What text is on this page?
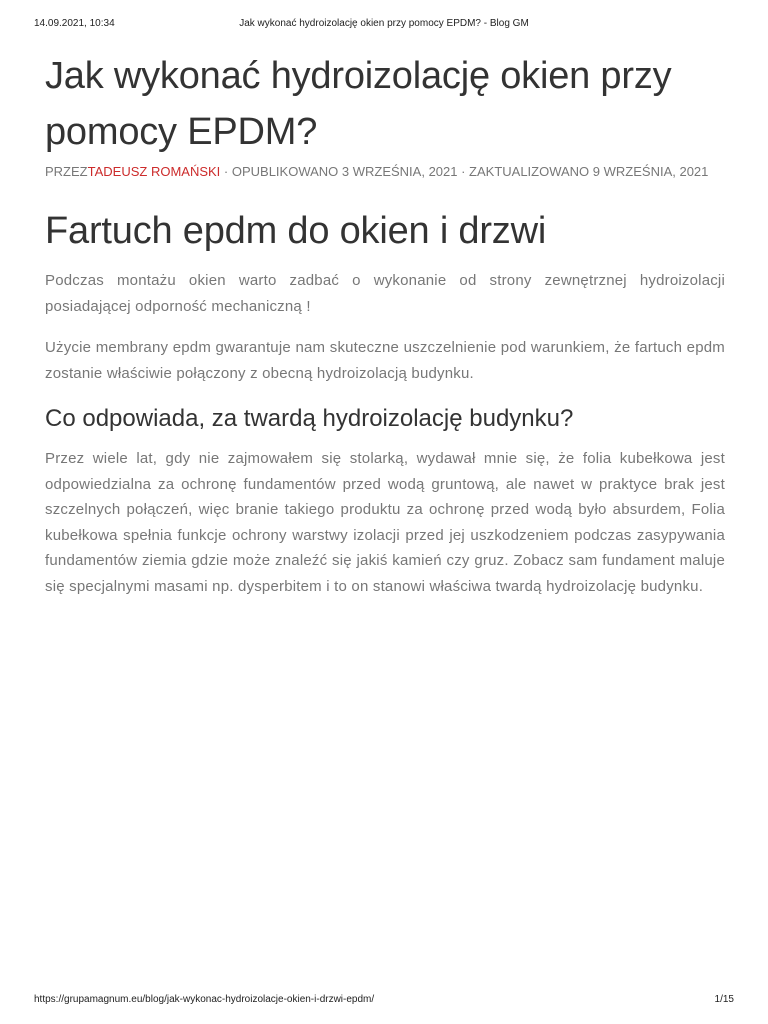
14.09.2021, 10:34	Jak wykonać hydroizolację okien przy pomocy EPDM? - Blog GM
Jak wykonać hydroizolację okien przy pomocy EPDM?
PRZEZTADEUSZ ROMAŃSKI · OPUBLIKOWANO 3 WRZEŚNIA, 2021 · ZAKTUALIZOWANO 9 WRZEŚNIA, 2021
Fartuch epdm do okien i drzwi

Podczas montażu okien warto zadbać o wykonanie od strony zewnętrznej hydroizolacji posiadającej odporność mechaniczną !

Użycie membrany epdm gwarantuje nam skuteczne uszczelnienie pod warunkiem, że fartuch epdm zostanie właściwie połączony z obecną hydroizolacją budynku.

Co odpowiada, za twardą hydroizolację budynku?

Przez wiele lat, gdy nie zajmowałem się stolarką, wydawał mnie się, że folia kubełkowa jest odpowiedzialna za ochronę fundamentów przed wodą gruntową, ale nawet w praktyce brak jest szczelnych połączeń, więc branie takiego produktu za ochronę przed wodą było absurdem, Folia kubełkowa spełnia funkcje ochrony warstwy izolacji przed jej uszkodzeniem podczas zasypywania fundamentów ziemia gdzie może znaleźć się jakiś kamień czy gruz. Zobacz sam fundament maluje się specjalnymi masami np. dysperbitem i to on stanowi właściwa twardą hydroizolację budynku.

https://grupamagnum.eu/blog/jak-wykonac-hydroizolacje-okien-i-drzwi-epdm/	1/15
